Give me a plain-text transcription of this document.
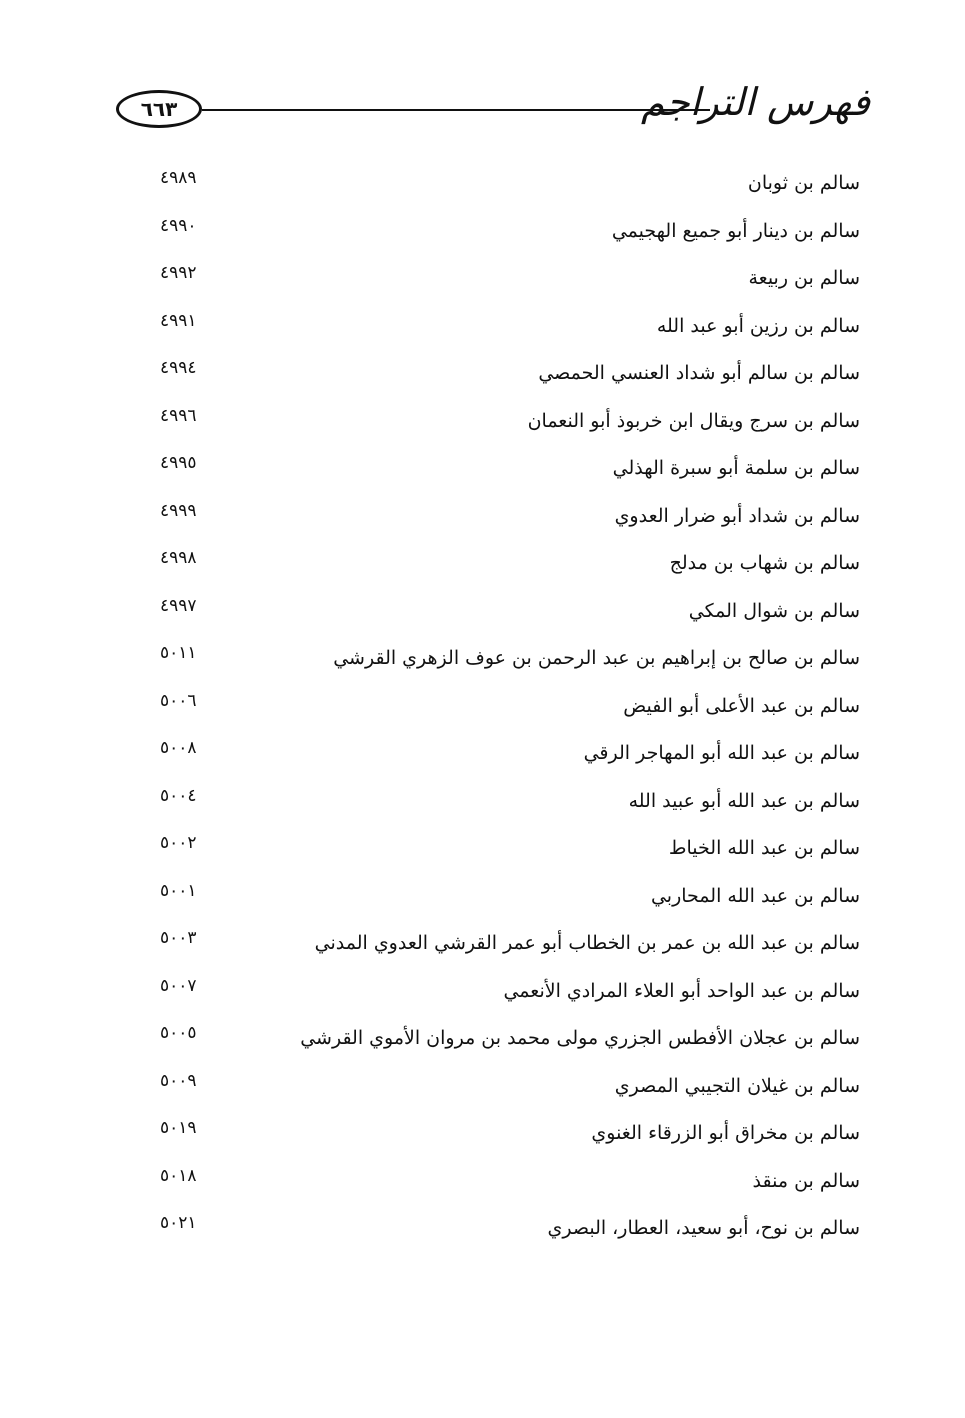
٦٦٣	فهرس التراجم
سالم بن ثوبان
٤٩٨٩
سالم بن دينار أبو جميع الهجيمي
٤٩٩٠
سالم بن ربيعة
٤٩٩٢
سالم بن رزين أبو عبد الله
٤٩٩١
سالم بن سالم أبو شداد العنسي الحمصي
٤٩٩٤
سالم بن سرج ويقال ابن خربوذ أبو النعمان
٤٩٩٦
سالم بن سلمة أبو سبرة الهذلي
٤٩٩٥
سالم بن شداد أبو ضرار العدوي
٤٩٩٩
سالم بن شهاب بن مدلج
٤٩٩٨
سالم بن شوال المكي
٤٩٩٧
سالم بن صالح بن إبراهيم بن عبد الرحمن بن عوف الزهري القرشي
٥٠١١
سالم بن عبد الأعلى أبو الفيض
٥٠٠٦
سالم بن عبد الله أبو المهاجر الرقي
٥٠٠٨
سالم بن عبد الله أبو عبيد الله
٥٠٠٤
سالم بن عبد الله الخياط
٥٠٠٢
سالم بن عبد الله المحاربي
٥٠٠١
سالم بن عبد الله بن عمر بن الخطاب أبو عمر القرشي العدوي المدني
٥٠٠٣
سالم بن عبد الواحد أبو العلاء المرادي الأنعمي
٥٠٠٧
سالم بن عجلان الأفطس الجزري مولى محمد بن مروان الأموي القرشي
٥٠٠٥
سالم بن غيلان التجيبي المصري
٥٠٠٩
سالم بن مخراق أبو الزرقاء الغنوي
٥٠١٩
سالم بن منقذ
٥٠١٨
سالم بن نوح، أبو سعيد، العطار، البصري
٥٠٢١
